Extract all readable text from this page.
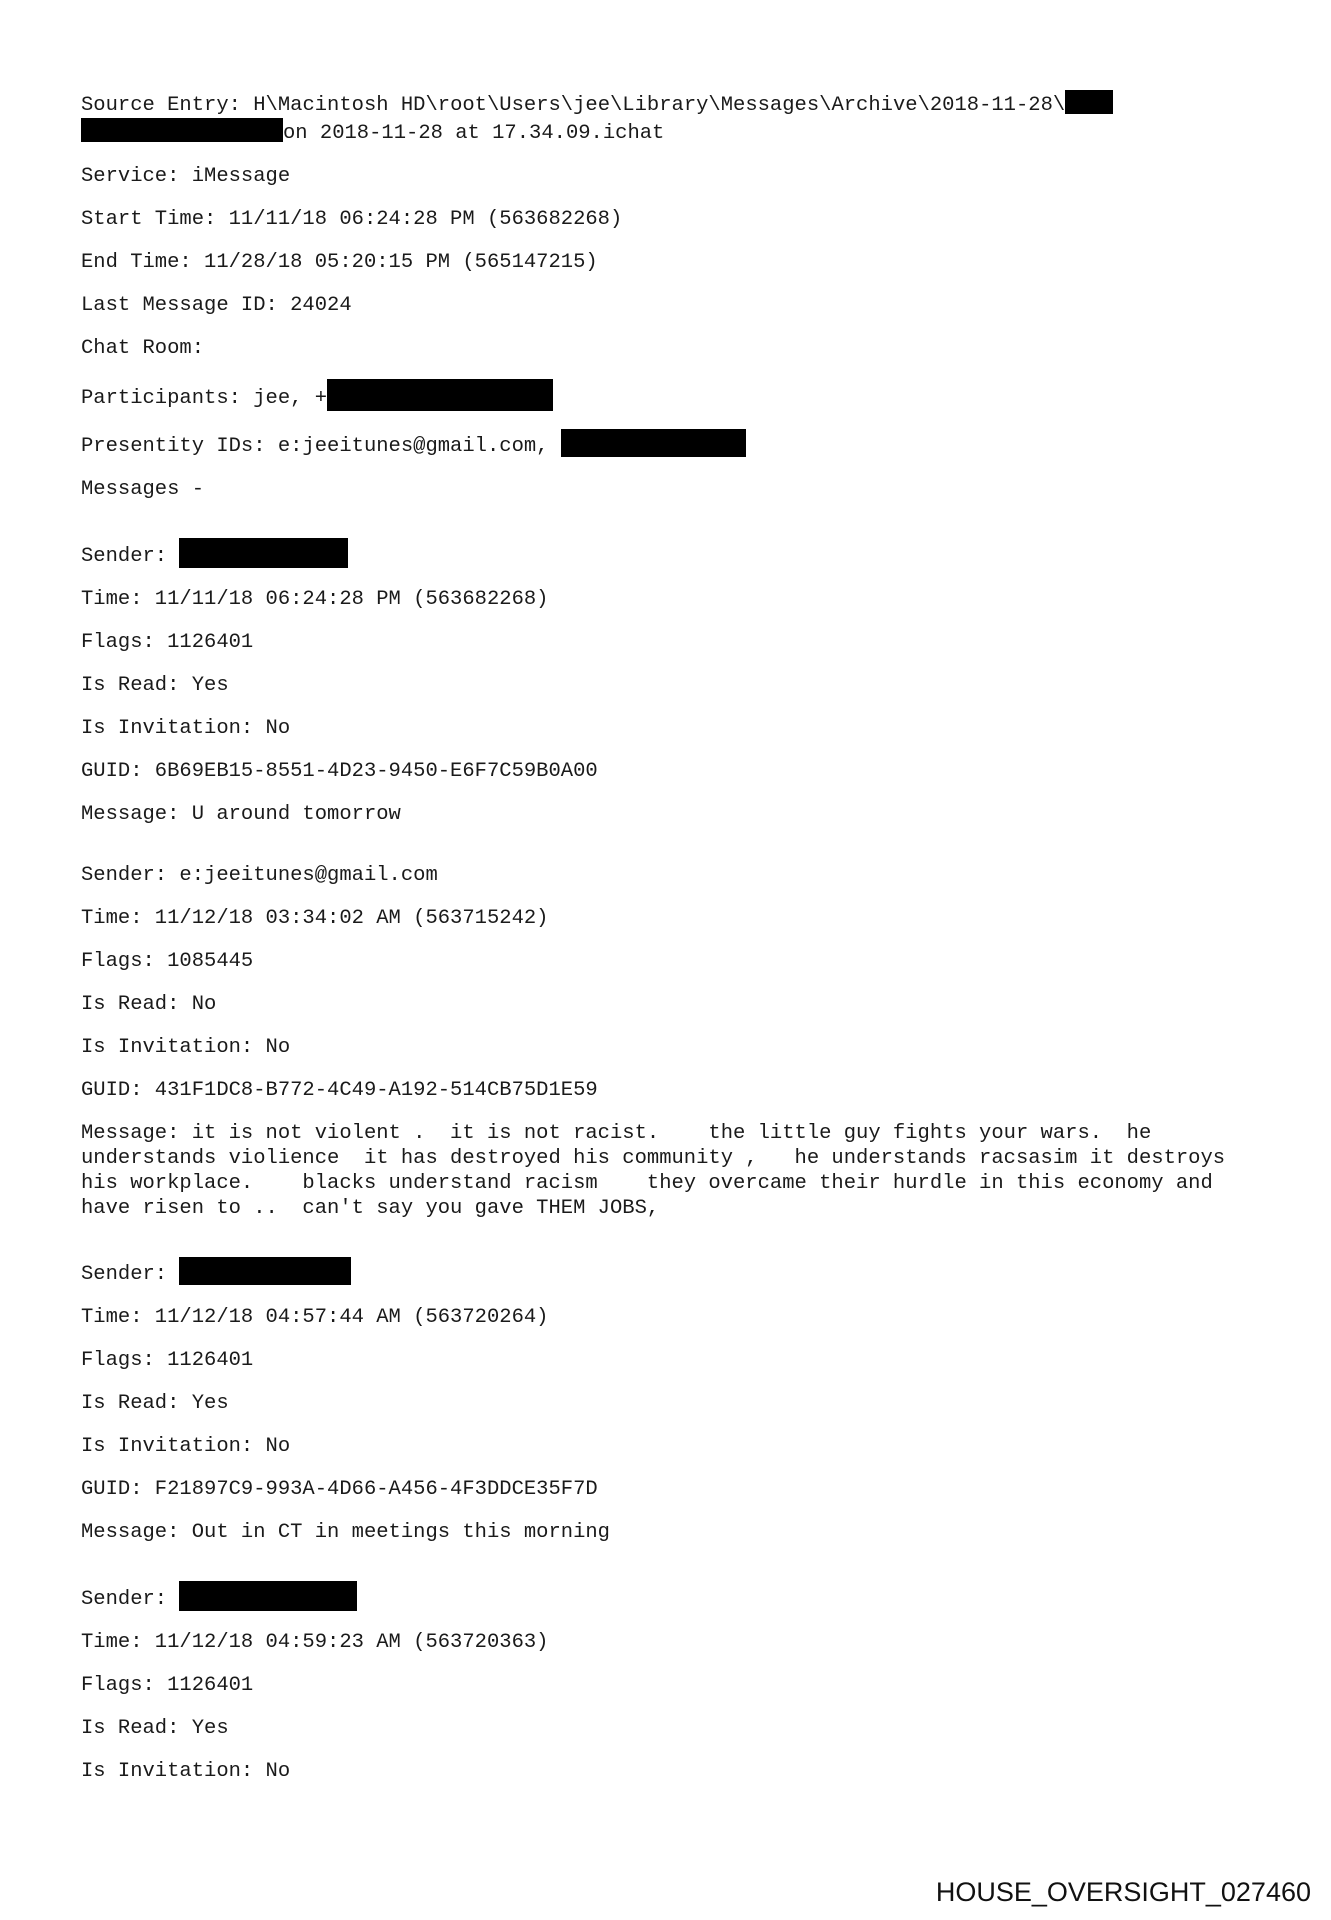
Source Entry: H\Macintosh HD\root\Users\jee\Library\Messages\Archive\2018-11-28\
on 2018-11-28 at 17.34.09.ichat
Service: iMessage
Start Time: 11/11/18 06:24:28 PM (563682268)
End Time: 11/28/18 05:20:15 PM (565147215)
Last Message ID: 24024
Chat Room:
Participants: jee, +
Presentity IDs: e:jeeitunes@gmail.com,
Messages -
Sender:
Time: 11/11/18 06:24:28 PM (563682268)
Flags: 1126401
Is Read: Yes
Is Invitation: No
GUID: 6B69EB15-8551-4D23-9450-E6F7C59B0A00
Message: U around tomorrow
Sender: e:jeeitunes@gmail.com
Time: 11/12/18 03:34:02 AM (563715242)
Flags: 1085445
Is Read: No
Is Invitation: No
GUID: 431F1DC8-B772-4C49-A192-514CB75D1E59
Message: it is not violent .  it is not racist.    the little guy fights your wars.  he understands violience  it has destroyed his community ,   he understands racsasim it destroys his workplace.    blacks understand racism    they overcame their hurdle in this economy and have risen to ..  can't say you gave THEM JOBS,
Sender:
Time: 11/12/18 04:57:44 AM (563720264)
Flags: 1126401
Is Read: Yes
Is Invitation: No
GUID: F21897C9-993A-4D66-A456-4F3DDCE35F7D
Message: Out in CT in meetings this morning
Sender:
Time: 11/12/18 04:59:23 AM (563720363)
Flags: 1126401
Is Read: Yes
Is Invitation: No
HOUSE_OVERSIGHT_027460
